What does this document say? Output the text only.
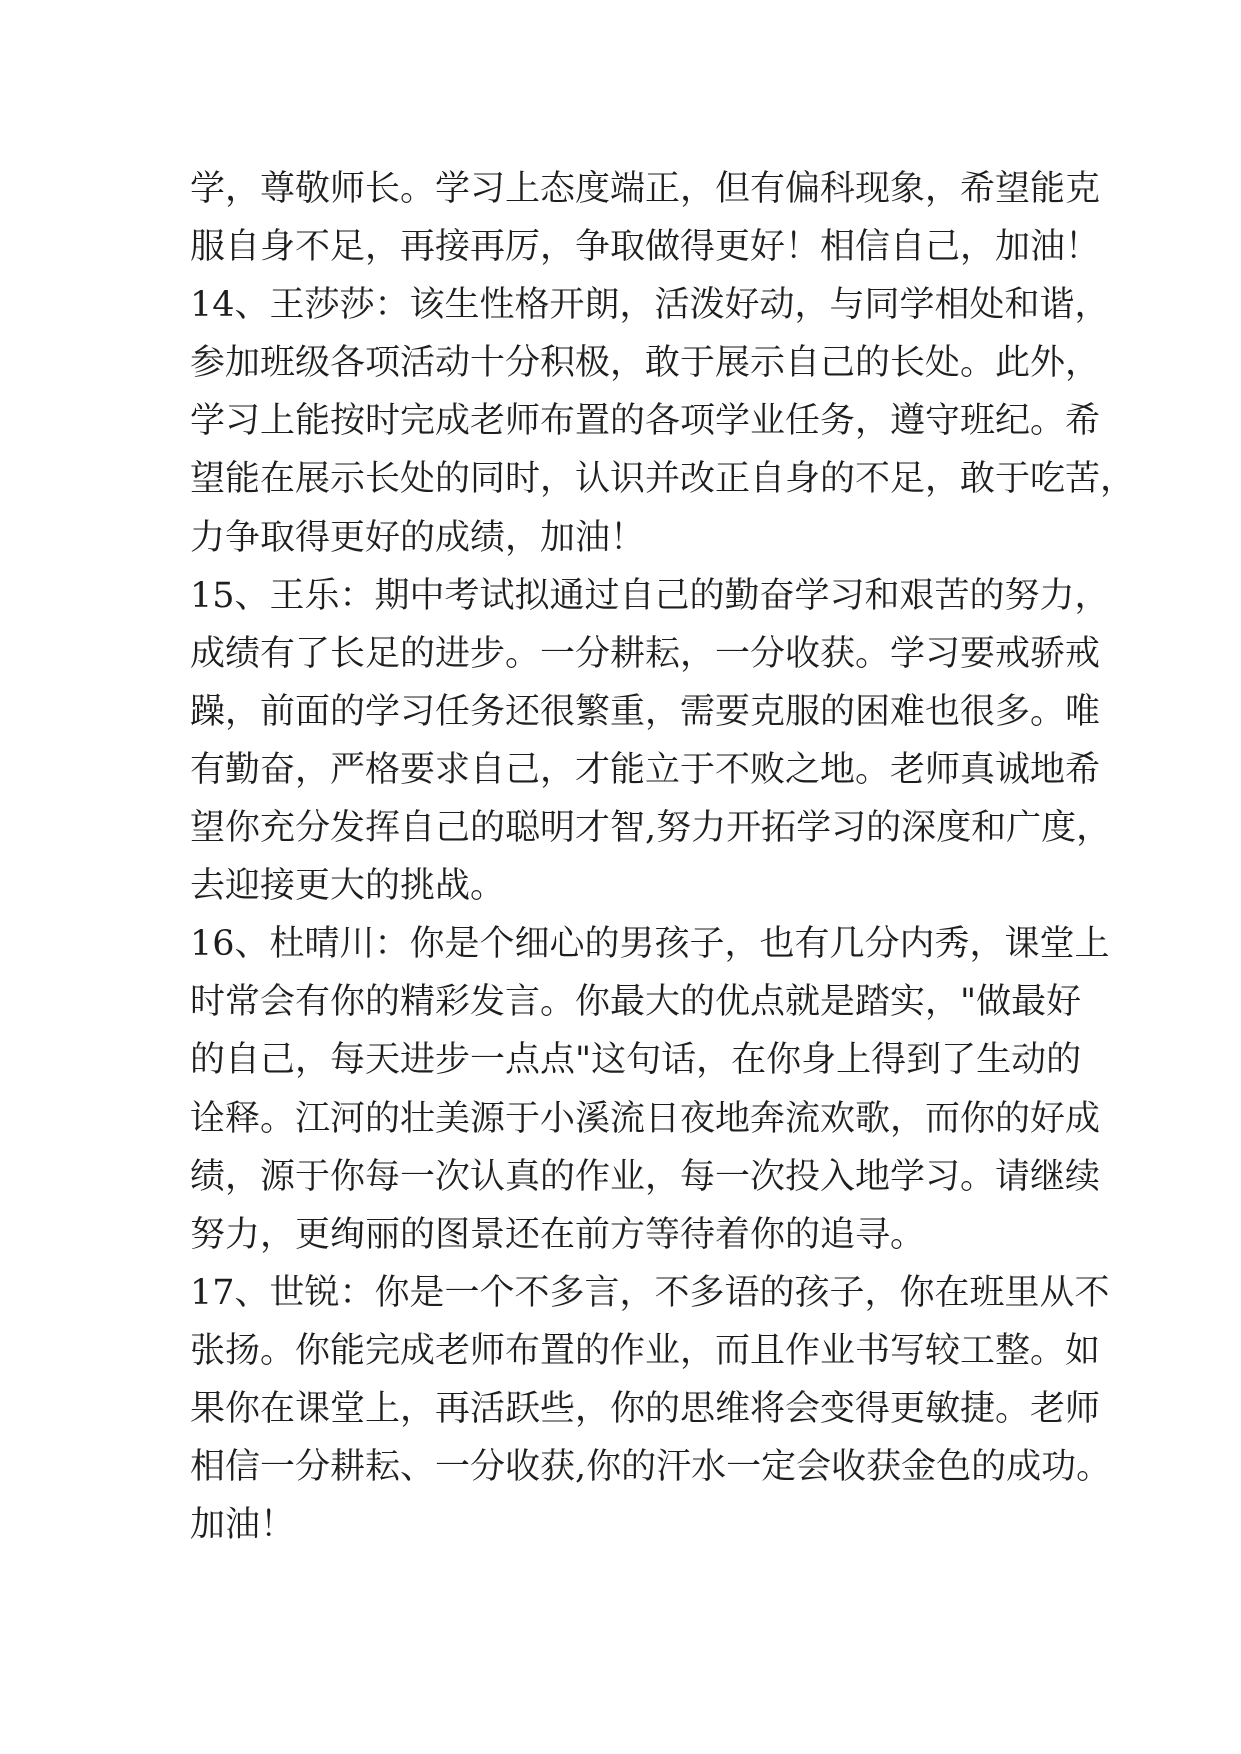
学，尊敬师长。学习上态度端正，但有偏科现象，希望能克
服自身不足，再接再厉，争取做得更好！相信自己，加油！
14、王莎莎：该生性格开朗，活泼好动，与同学相处和谐，
参加班级各项活动十分积极，敢于展示自己的长处。此外，
学习上能按时完成老师布置的各项学业任务，遵守班纪。希
望能在展示长处的同时，认识并改正自身的不足，敢于吃苦，
力争取得更好的成绩，加油！
15、王乐：期中考试拟通过自己的勤奋学习和艰苦的努力，
成绩有了长足的进步。一分耕耘，一分收获。学习要戒骄戒
躁，前面的学习任务还很繁重，需要克服的困难也很多。唯
有勤奋，严格要求自己，才能立于不败之地。老师真诚地希
望你充分发挥自己的聪明才智,努力开拓学习的深度和广度，
去迎接更大的挑战。
16、杜晴川：你是个细心的男孩子，也有几分内秀，课堂上
时常会有你的精彩发言。你最大的优点就是踏实，"做最好
的自己，每天进步一点点"这句话，在你身上得到了生动的
诠释。江河的壮美源于小溪流日夜地奔流欢歌，而你的好成
绩，源于你每一次认真的作业，每一次投入地学习。请继续
努力，更绚丽的图景还在前方等待着你的追寻。
17、世锐：你是一个不多言，不多语的孩子，你在班里从不
张扬。你能完成老师布置的作业，而且作业书写较工整。如
果你在课堂上，再活跃些，你的思维将会变得更敏捷。老师
相信一分耕耘、一分收获,你的汗水一定会收获金色的成功。
加油！
